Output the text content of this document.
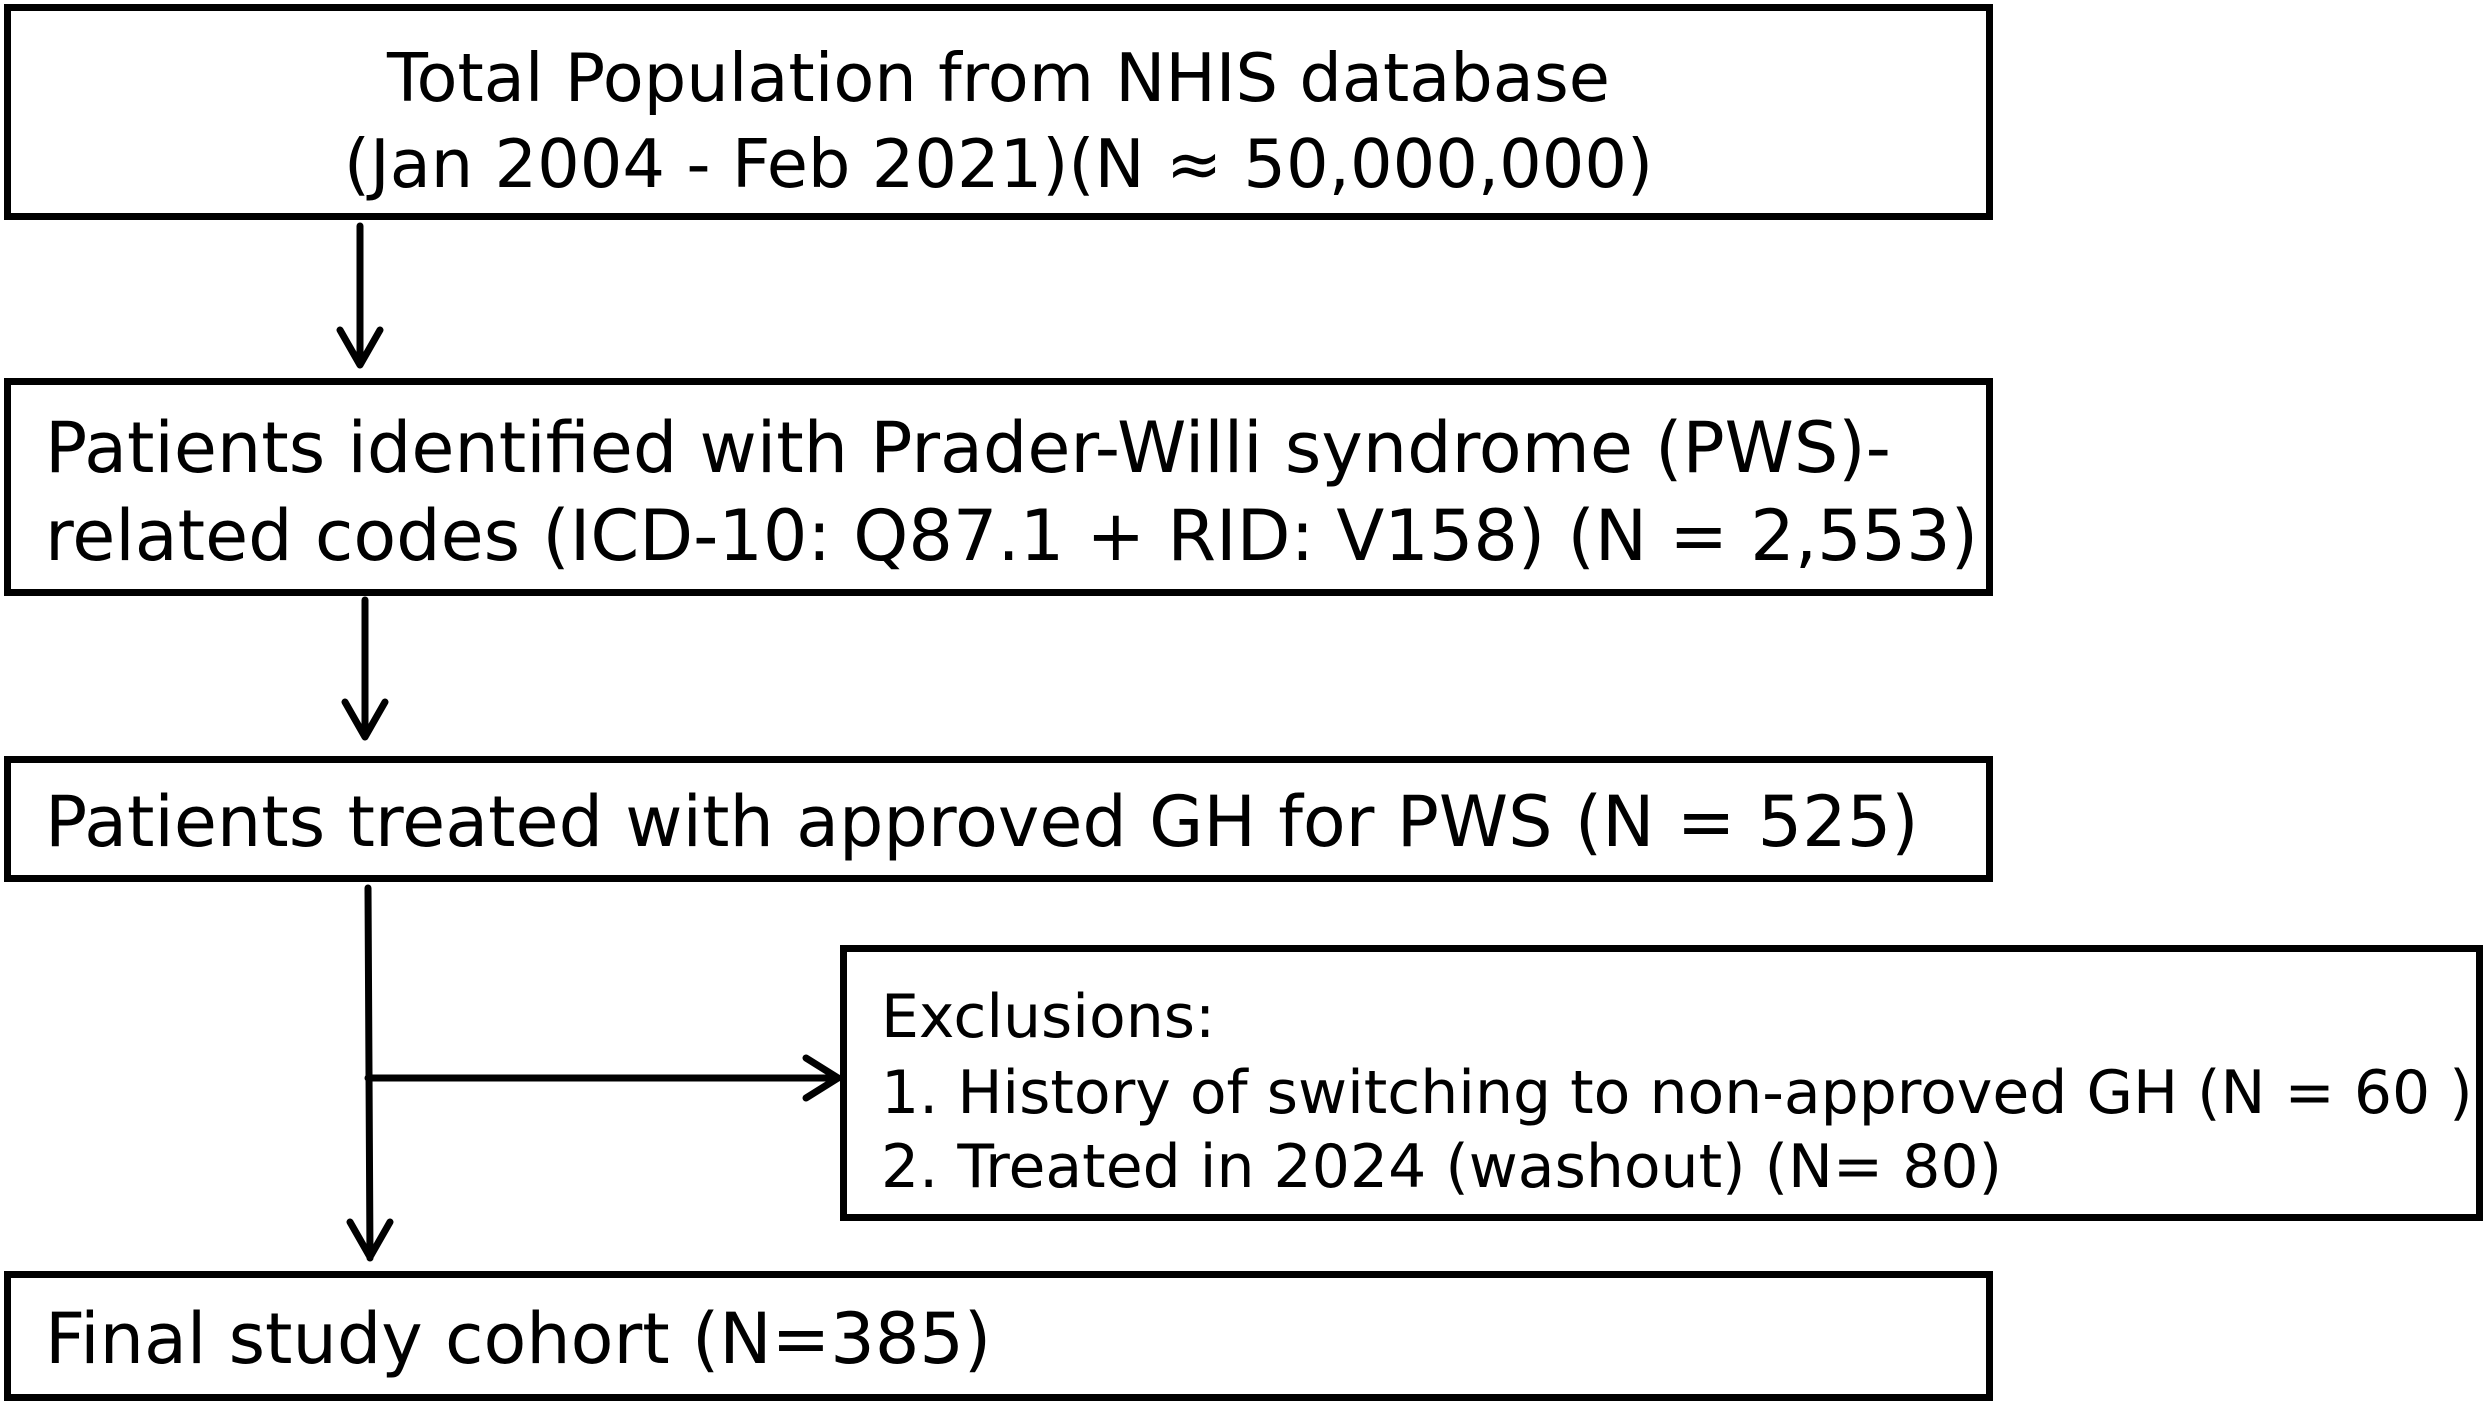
Total Population from NHIS database
(Jan 2004 - Feb 2021)(N ≈ 50,000,000)
Patients identified with Prader-Willi syndrome (PWS)-
related codes (ICD-10: Q87.1 + RID: V158) (N = 2,553)
Patients treated with approved GH for PWS (N = 525)
Exclusions:
1. History of switching to non-approved GH (N = 60 )
2. Treated in 2024 (washout) (N= 80)
Final study cohort (N=385)
